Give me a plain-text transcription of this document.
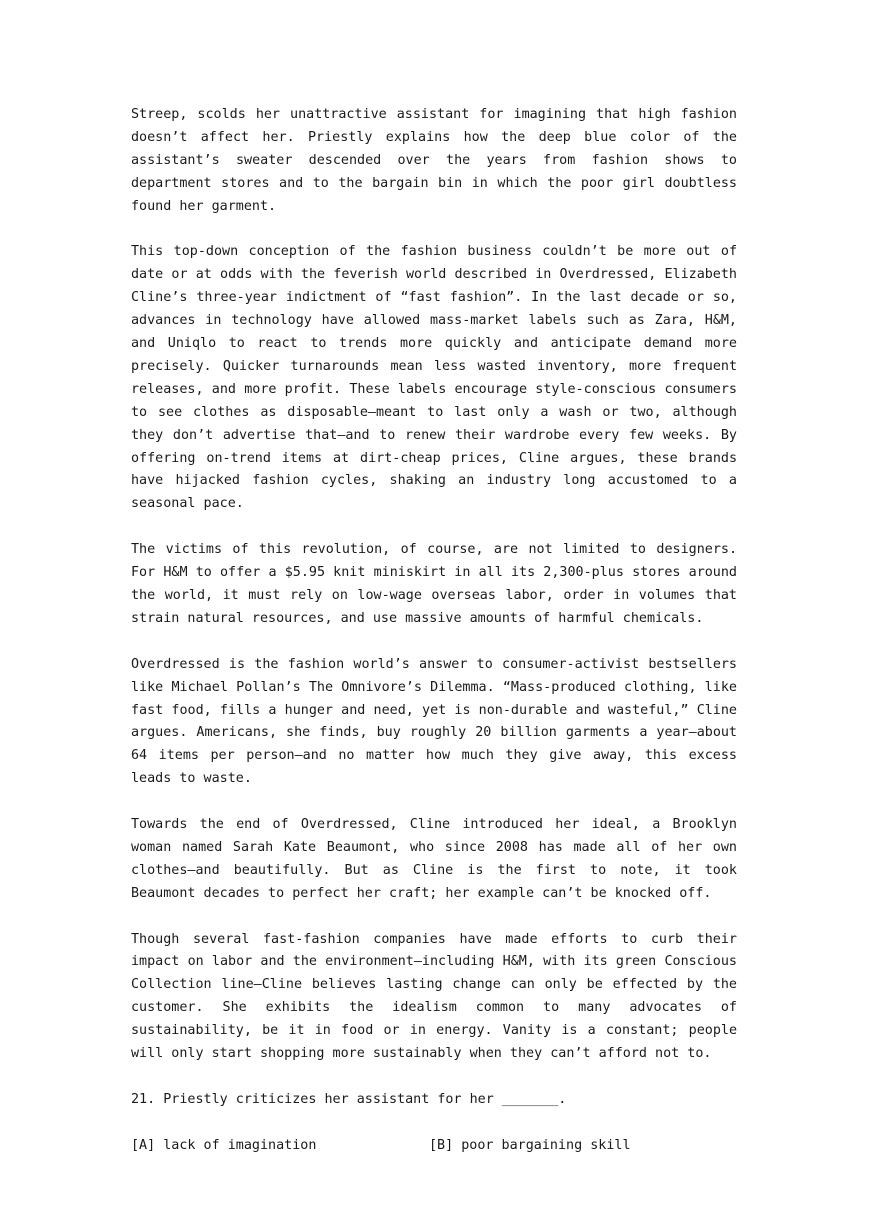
Streep, scolds her unattractive assistant for imagining that high fashion doesn’t affect her. Priestly explains how the deep blue color of the assistant’s sweater descended over the years from fashion shows to department stores and to the bargain bin in which the poor girl doubtless found her garment.

This top-down conception of the fashion business couldn’t be more out of date or at odds with the feverish world described in Overdressed, Elizabeth Cline’s three-year indictment of “fast fashion”. In the last decade or so, advances in technology have allowed mass-market labels such as Zara, H&M, and Uniqlo to react to trends more quickly and anticipate demand more precisely. Quicker turnarounds mean less wasted inventory, more frequent releases, and more profit. These labels encourage style-conscious consumers to see clothes as disposable—meant to last only a wash or two, although they don’t advertise that—and to renew their wardrobe every few weeks. By offering on-trend items at dirt-cheap prices, Cline argues, these brands have hijacked fashion cycles, shaking an industry long accustomed to a seasonal pace.

The victims of this revolution, of course, are not limited to designers. For H&M to offer a $5.95 knit miniskirt in all its 2,300-plus stores around the world, it must rely on low-wage overseas labor, order in volumes that strain natural resources, and use massive amounts of harmful chemicals.

Overdressed is the fashion world’s answer to consumer-activist bestsellers like Michael Pollan’s The Omnivore’s Dilemma. “Mass-produced clothing, like fast food, fills a hunger and need, yet is non-durable and wasteful,” Cline argues. Americans, she finds, buy roughly 20 billion garments a year—about 64 items per person—and no matter how much they give away, this excess leads to waste.

Towards the end of Overdressed, Cline introduced her ideal, a Brooklyn woman named Sarah Kate Beaumont, who since 2008 has made all of her own clothes—and beautifully. But as Cline is the first to note, it took Beaumont decades to perfect her craft; her example can’t be knocked off.

Though several fast-fashion companies have made efforts to curb their impact on labor and the environment—including H&M, with its green Conscious Collection line—Cline believes lasting change can only be effected by the customer. She exhibits the idealism common to many advocates of sustainability, be it in food or in energy. Vanity is a constant; people will only start shopping more sustainably when they can’t afford not to.

21. Priestly criticizes her assistant for her _______.
[A] lack of imagination	[B] poor bargaining skill
